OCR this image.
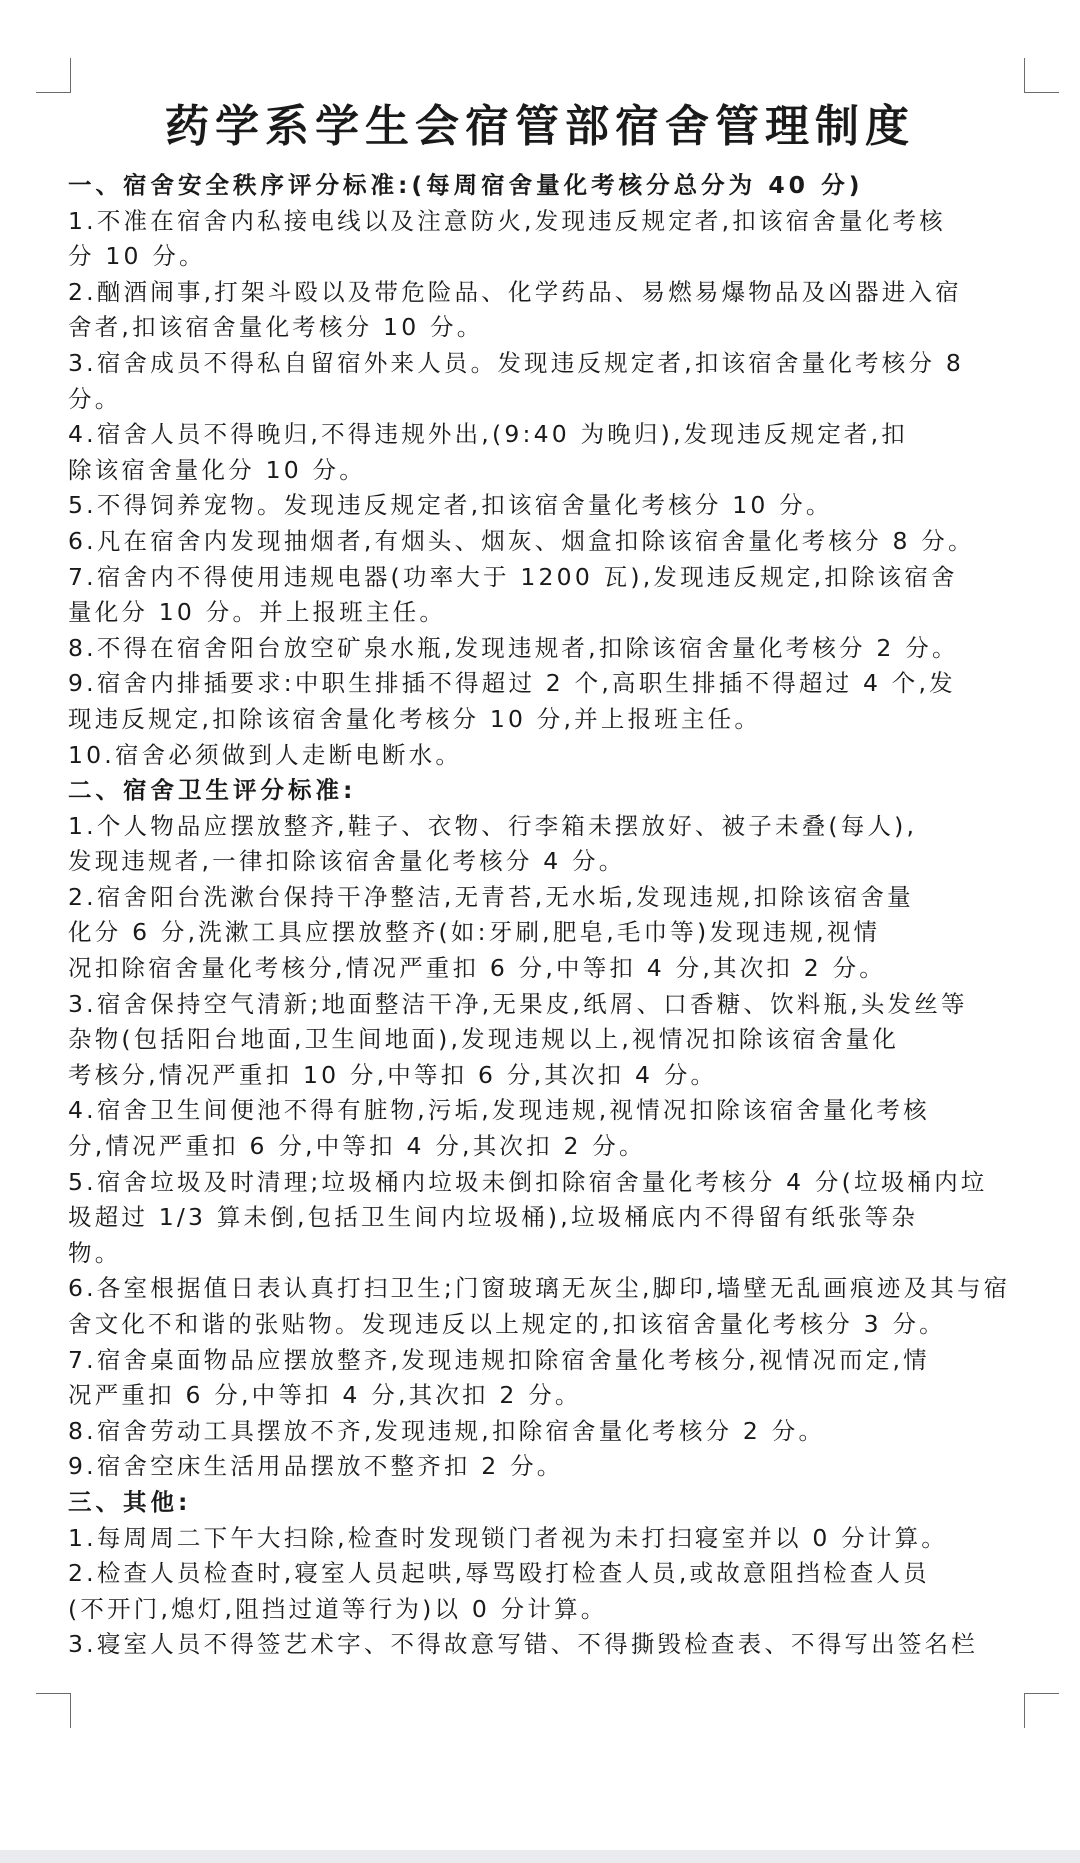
药学系学生会宿管部宿舍管理制度
一、宿舍安全秩序评分标准:(每周宿舍量化考核分总分为 40 分)
1.不准在宿舍内私接电线以及注意防火,发现违反规定者,扣该宿舍量化考核
分 10 分。
2.酗酒闹事,打架斗殴以及带危险品、化学药品、易燃易爆物品及凶器进入宿
舍者,扣该宿舍量化考核分 10 分。
3.宿舍成员不得私自留宿外来人员。发现违反规定者,扣该宿舍量化考核分 8
分。
4.宿舍人员不得晚归,不得违规外出,(9:40 为晚归),发现违反规定者,扣
除该宿舍量化分 10 分。
5.不得饲养宠物。发现违反规定者,扣该宿舍量化考核分 10 分。
6.凡在宿舍内发现抽烟者,有烟头、烟灰、烟盒扣除该宿舍量化考核分 8 分。
7.宿舍内不得使用违规电器(功率大于 1200 瓦),发现违反规定,扣除该宿舍
量化分 10 分。并上报班主任。
8.不得在宿舍阳台放空矿泉水瓶,发现违规者,扣除该宿舍量化考核分 2 分。
9.宿舍内排插要求:中职生排插不得超过 2 个,高职生排插不得超过 4 个,发
现违反规定,扣除该宿舍量化考核分 10 分,并上报班主任。
10.宿舍必须做到人走断电断水。
二、宿舍卫生评分标准:
1.个人物品应摆放整齐,鞋子、衣物、行李箱未摆放好、被子未叠(每人),
发现违规者,一律扣除该宿舍量化考核分 4 分。
2.宿舍阳台洗漱台保持干净整洁,无青苔,无水垢,发现违规,扣除该宿舍量
化分 6 分,洗漱工具应摆放整齐(如:牙刷,肥皂,毛巾等)发现违规,视情
况扣除宿舍量化考核分,情况严重扣 6 分,中等扣 4 分,其次扣 2 分。
3.宿舍保持空气清新;地面整洁干净,无果皮,纸屑、口香糖、饮料瓶,头发丝等
杂物(包括阳台地面,卫生间地面),发现违规以上,视情况扣除该宿舍量化
考核分,情况严重扣 10 分,中等扣 6 分,其次扣 4 分。
4.宿舍卫生间便池不得有脏物,污垢,发现违规,视情况扣除该宿舍量化考核
分,情况严重扣 6 分,中等扣 4 分,其次扣 2 分。
5.宿舍垃圾及时清理;垃圾桶内垃圾未倒扣除宿舍量化考核分 4 分(垃圾桶内垃
圾超过 1/3 算未倒,包括卫生间内垃圾桶),垃圾桶底内不得留有纸张等杂
物。
6.各室根据值日表认真打扫卫生;门窗玻璃无灰尘,脚印,墙壁无乱画痕迹及其与宿
舍文化不和谐的张贴物。发现违反以上规定的,扣该宿舍量化考核分 3 分。
7.宿舍桌面物品应摆放整齐,发现违规扣除宿舍量化考核分,视情况而定,情
况严重扣 6 分,中等扣 4 分,其次扣 2 分。
8.宿舍劳动工具摆放不齐,发现违规,扣除宿舍量化考核分 2 分。
9.宿舍空床生活用品摆放不整齐扣 2 分。
三、其他:
1.每周周二下午大扫除,检查时发现锁门者视为未打扫寝室并以 0 分计算。
2.检查人员检查时,寝室人员起哄,辱骂殴打检查人员,或故意阻挡检查人员
(不开门,熄灯,阻挡过道等行为)以 0 分计算。
3.寝室人员不得签艺术字、不得故意写错、不得撕毁检查表、不得写出签名栏
